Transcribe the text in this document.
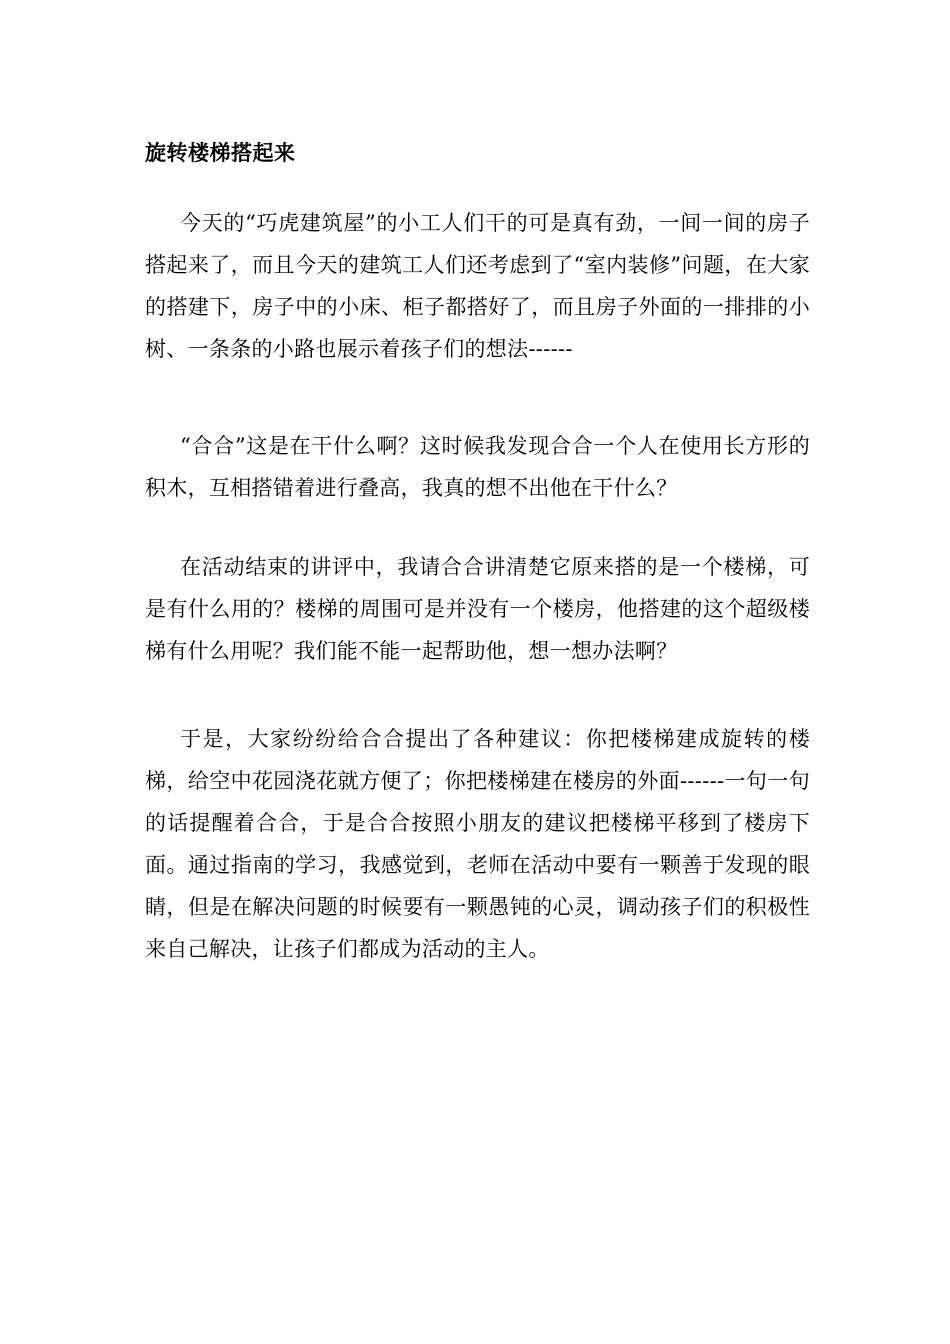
旋转楼梯搭起来

今天的“巧虎建筑屋”的小工人们干的可是真有劲，一间一间的房子搭起来了，而且今天的建筑工人们还考虑到了“室内装修”问题，在大家的搭建下，房子中的小床、柜子都搭好了，而且房子外面的一排排的小树、一条条的小路也展示着孩子们的想法------

“合合”这是在干什么啊？这时候我发现合合一个人在使用长方形的积木，互相搭错着进行叠高，我真的想不出他在干什么？

在活动结束的讲评中，我请合合讲清楚它原来搭的是一个楼梯，可是有什么用的？楼梯的周围可是并没有一个楼房，他搭建的这个超级楼梯有什么用呢？我们能不能一起帮助他，想一想办法啊？

于是，大家纷纷给合合提出了各种建议：你把楼梯建成旋转的楼梯，给空中花园浇花就方便了；你把楼梯建在楼房的外面------一句一句的话提醒着合合，于是合合按照小朋友的建议把楼梯平移到了楼房下面。通过指南的学习，我感觉到，老师在活动中要有一颗善于发现的眼睛，但是在解决问题的时候要有一颗愚钝的心灵，调动孩子们的积极性来自己解决，让孩子们都成为活动的主人。
